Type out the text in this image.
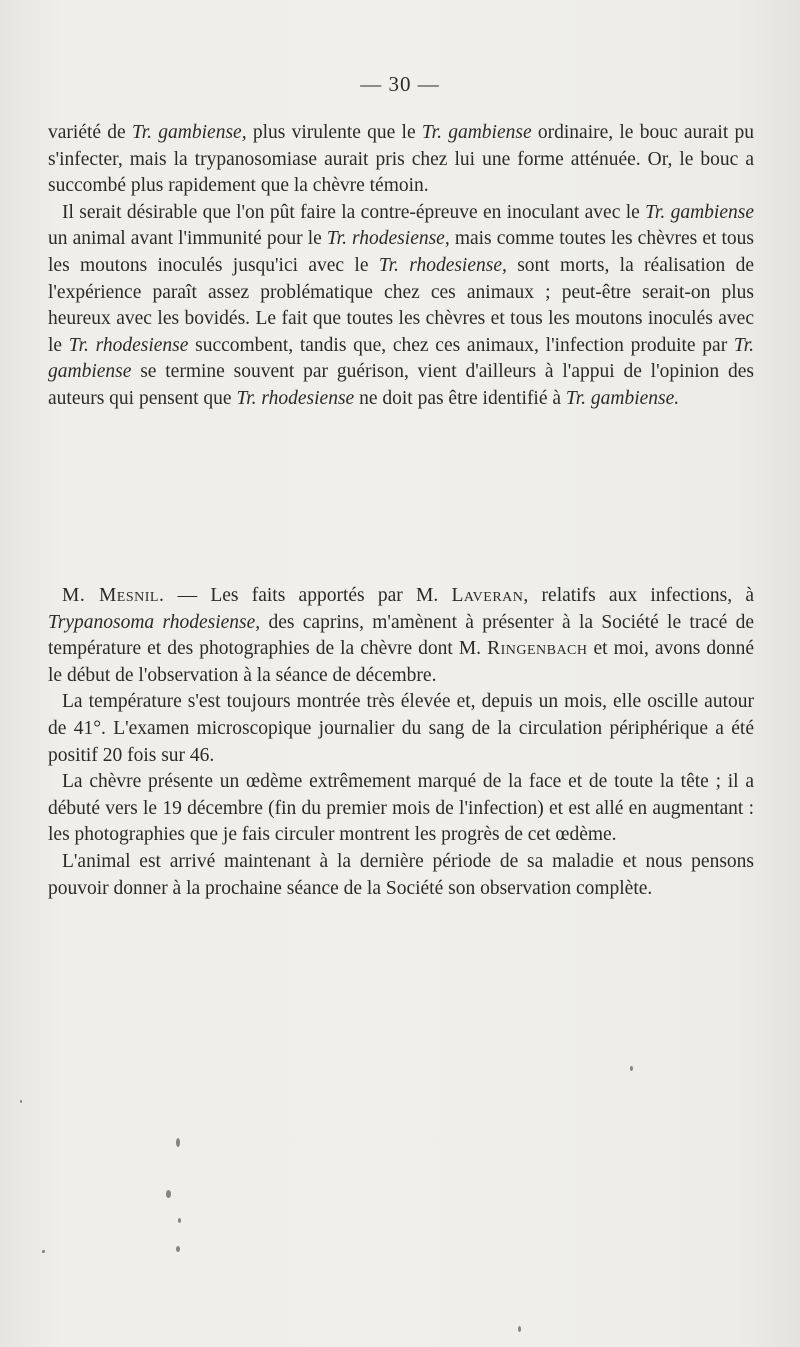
— 30 —

variété de Tr. gambiense, plus virulente que le Tr. gambiense ordinaire, le bouc aurait pu s'infecter, mais la trypanosomiase aurait pris chez lui une forme atténuée. Or, le bouc a succombé plus rapidement que la chèvre témoin.

Il serait désirable que l'on pût faire la contre-épreuve en inoculant avec le Tr. gambiense un animal avant l'immunité pour le Tr. rhodesiense, mais comme toutes les chèvres et tous les moutons inoculés jusqu'ici avec le Tr. rhodesiense, sont morts, la réalisation de l'expérience paraît assez problématique chez ces animaux ; peut-être serait-on plus heureux avec les bovidés. Le fait que toutes les chèvres et tous les moutons inoculés avec le Tr. rhodesiense succombent, tandis que, chez ces animaux, l'infection produite par Tr. gambiense se termine souvent par guérison, vient d'ailleurs à l'appui de l'opinion des auteurs qui pensent que Tr. rhodesiense ne doit pas être identifié à Tr. gambiense.

M. Mesnil. — Les faits apportés par M. Laveran, relatifs aux infections, à Trypanosoma rhodesiense, des caprins, m'amènent à présenter à la Société le tracé de température et des photographies de la chèvre dont M. Ringenbach et moi, avons donné le début de l'observation à la séance de décembre.

La température s'est toujours montrée très élevée et, depuis un mois, elle oscille autour de 41°. L'examen microscopique journalier du sang de la circulation périphérique a été positif 20 fois sur 46.

La chèvre présente un œdème extrêmement marqué de la face et de toute la tête ; il a débuté vers le 19 décembre (fin du premier mois de l'infection) et est allé en augmentant : les photographies que je fais circuler montrent les progrès de cet œdème.

L'animal est arrivé maintenant à la dernière période de sa maladie et nous pensons pouvoir donner à la prochaine séance de la Société son observation complète.
